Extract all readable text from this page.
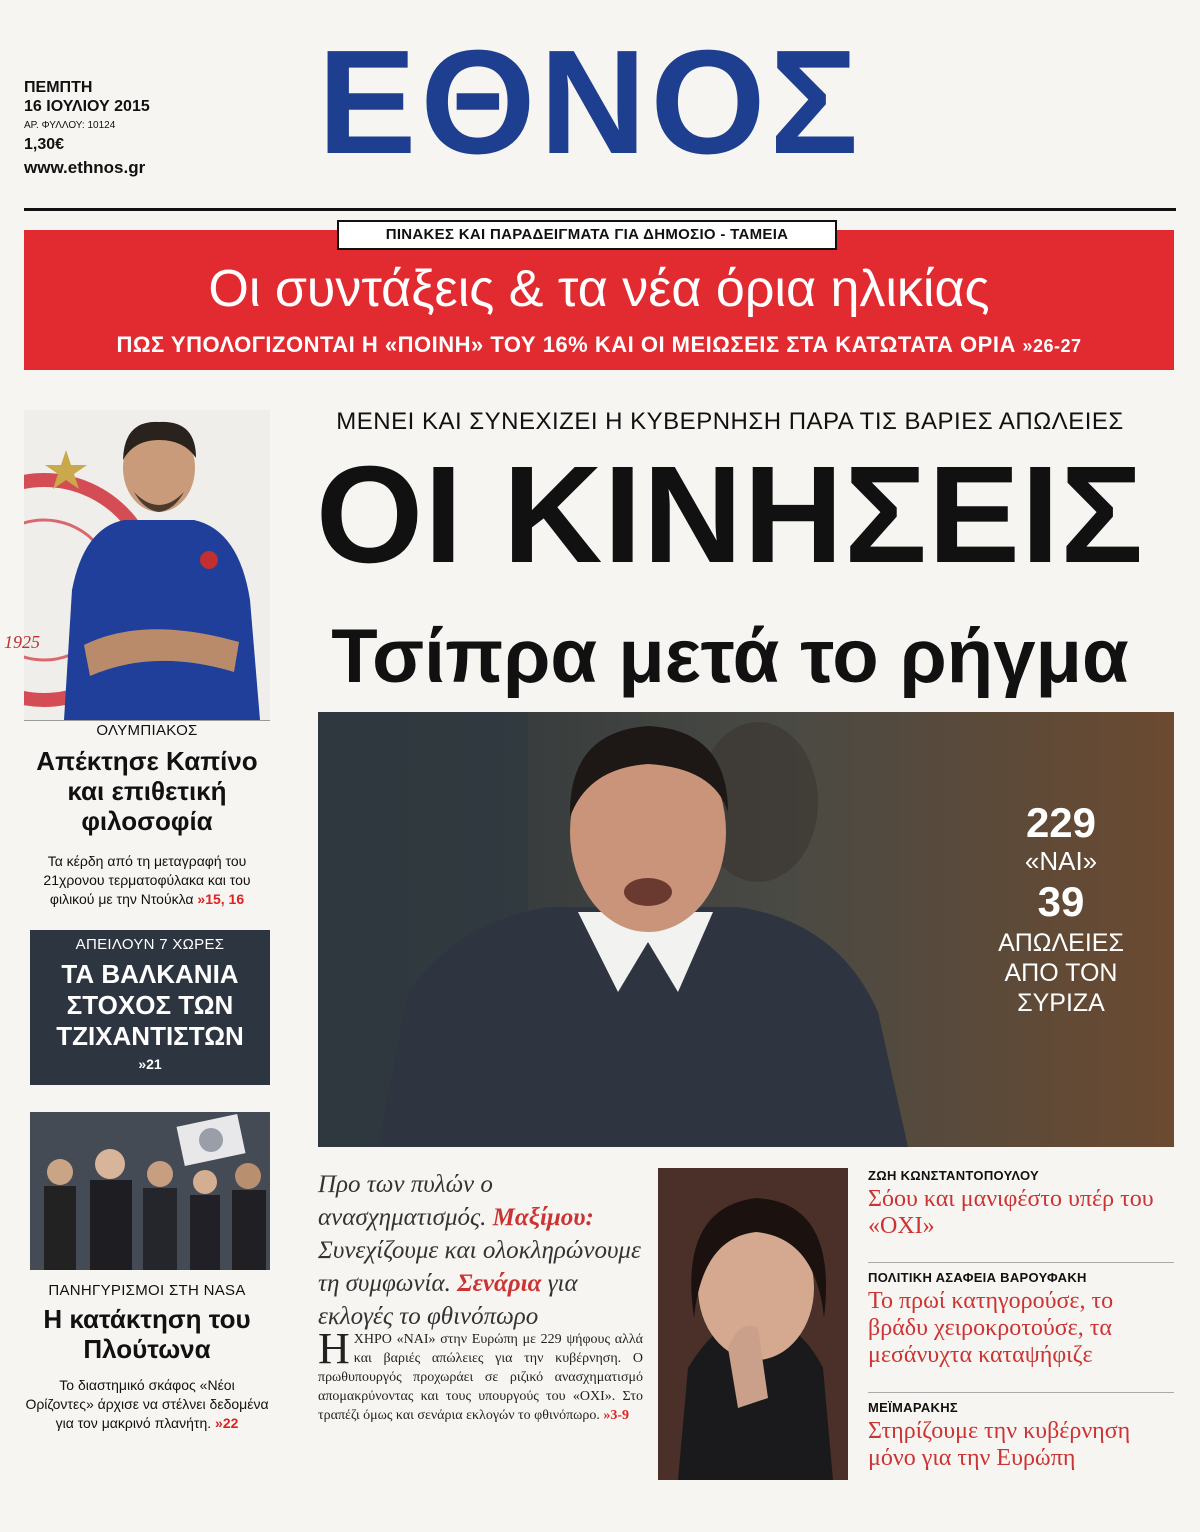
ΠΕΜΠΤΗ
16 ΙΟΥΛΙΟΥ 2015
ΑΡ. ΦΥΛΛΟΥ: 10124
1,30€
www.ethnos.gr	ΕΘΝΟΣ
ΠΙΝΑΚΕΣ ΚΑΙ ΠΑΡΑΔΕΙΓΜΑΤΑ ΓΙΑ ΔΗΜΟΣΙΟ - ΤΑΜΕΙΑ
Οι συντάξεις & τα νέα όρια ηλικίας
ΠΩΣ ΥΠΟΛΟΓΙΖΟΝΤΑΙ Η «ΠΟΙΝΗ» ΤΟΥ 16% ΚΑΙ ΟΙ ΜΕΙΩΣΕΙΣ ΣΤΑ ΚΑΤΩΤΑΤΑ ΟΡΙΑ »26-27
1925
ΟΛΥΜΠΙΑΚΟΣ
Απέκτησε Καπίνο και επιθετική φιλοσοφία
Τα κέρδη από τη μεταγραφή του 21χρονου τερματοφύλακα και του φιλικού με την Ντούκλα »15, 16
ΑΠΕΙΛΟΥΝ 7 ΧΩΡΕΣ
ΤΑ ΒΑΛΚΑΝΙΑ ΣΤΟΧΟΣ ΤΩΝ ΤΖΙΧΑΝΤΙΣΤΩΝ
»21
ΠΑΝΗΓΥΡΙΣΜΟΙ ΣΤΗ NASA
Η κατάκτηση του Πλούτωνα
Το διαστημικό σκάφος «Νέοι Ορίζοντες» άρχισε να στέλνει δεδομένα για τον μακρινό πλανήτη. »22
ΜΕΝΕΙ ΚΑΙ ΣΥΝΕΧΙΖΕΙ Η ΚΥΒΕΡΝΗΣΗ ΠΑΡΑ ΤΙΣ ΒΑΡΙΕΣ ΑΠΩΛΕΙΕΣ
ΟΙ ΚΙΝΗΣΕΙΣ
Τσίπρα μετά το ρήγμα
229
«ΝΑΙ»
39
ΑΠΩΛΕΙΕΣ ΑΠΟ ΤΟΝ ΣΥΡΙΖΑ
Προ των πυλών ο ανασχηματισμός. Μαξίμου: Συνεχίζουμε και ολοκληρώνουμε τη συμφωνία. Σενάρια για εκλογές το φθινόπωρο
Η ΧΗΡΟ «ΝΑΙ» στην Ευρώπη με 229 ψήφους αλλά και βαριές απώλειες για την κυβέρνηση. Ο πρωθυπουργός προχωράει σε ριζικό ανασχηματισμό απομακρύνοντας και τους υπουργούς του «ΟΧΙ». Στο τραπέζι όμως και σενάρια εκλογών το φθινόπωρο. »3-9
ΖΩΗ ΚΩΝΣΤΑΝΤΟΠΟΥΛΟΥ
Σόου και μανιφέστο υπέρ του «ΟΧΙ»
ΠΟΛΙΤΙΚΗ ΑΣΑΦΕΙΑ ΒΑΡΟΥΦΑΚΗ
Το πρωί κατηγορούσε, το βράδυ χειροκροτούσε, τα μεσάνυχτα καταψήφιζε
ΜΕΪΜΑΡΑΚΗΣ
Στηρίζουμε την κυβέρνηση μόνο για την Ευρώπη
